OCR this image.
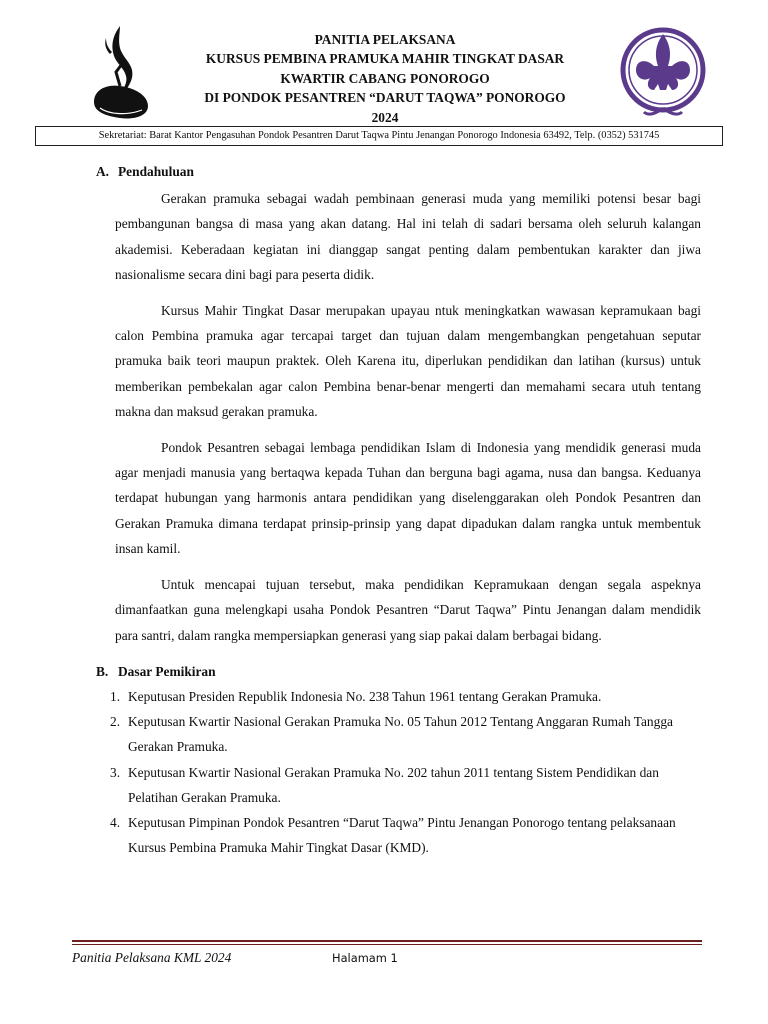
PANITIA PELAKSANA
KURSUS PEMBINA PRAMUKA MAHIR TINGKAT DASAR
KWARTIR CABANG PONOROGO
DI PONDOK PESANTREN “DARUT TAQWA” PONOROGO
2024
Sekretariat: Barat Kantor Pengasuhan Pondok Pesantren Darut Taqwa Pintu Jenangan Ponorogo Indonesia 63492, Telp. (0352) 531745

A. Pendahuluan

Gerakan pramuka sebagai wadah pembinaan generasi muda yang memiliki potensi besar bagi pembangunan bangsa di masa yang akan datang. Hal ini telah di sadari bersama oleh seluruh kalangan akademisi. Keberadaan kegiatan ini dianggap sangat penting dalam pembentukan karakter dan jiwa nasionalisme secara dini bagi para peserta didik.

Kursus Mahir Tingkat Dasar merupakan upayau ntuk meningkatkan wawasan kepramukaan bagi calon Pembina pramuka agar tercapai target dan tujuan dalam mengembangkan pengetahuan seputar pramuka baik teori maupun praktek. Oleh Karena itu, diperlukan pendidikan dan latihan (kursus) untuk memberikan pembekalan agar calon Pembina benar-benar mengerti dan memahami secara utuh tentang makna dan maksud gerakan pramuka.

Pondok Pesantren sebagai lembaga pendidikan Islam di Indonesia yang mendidik generasi muda agar menjadi manusia yang bertaqwa kepada Tuhan dan berguna bagi agama, nusa dan bangsa. Keduanya terdapat hubungan yang harmonis antara pendidikan yang diselenggarakan oleh Pondok Pesantren dan Gerakan Pramuka dimana terdapat prinsip-prinsip yang dapat dipadukan dalam rangka untuk membentuk insan kamil.

Untuk mencapai tujuan tersebut, maka pendidikan Kepramukaan dengan segala aspeknya dimanfaatkan guna melengkapi usaha Pondok Pesantren “Darut Taqwa” Pintu Jenangan dalam mendidik para santri, dalam rangka mempersiapkan generasi yang siap pakai dalam berbagai bidang.

B. Dasar Pemikiran

1. Keputusan Presiden Republik Indonesia No. 238 Tahun 1961 tentang Gerakan Pramuka.
2. Keputusan Kwartir Nasional Gerakan Pramuka No. 05 Tahun 2012 Tentang Anggaran Rumah Tangga Gerakan Pramuka.
3. Keputusan Kwartir Nasional Gerakan Pramuka No. 202 tahun 2011 tentang Sistem Pendidikan dan Pelatihan Gerakan Pramuka.
4. Keputusan Pimpinan Pondok Pesantren “Darut Taqwa” Pintu Jenangan Ponorogo tentang pelaksanaan Kursus Pembina Pramuka Mahir Tingkat Dasar (KMD).
Panitia Pelaksana KML 2024	Halamam 1
